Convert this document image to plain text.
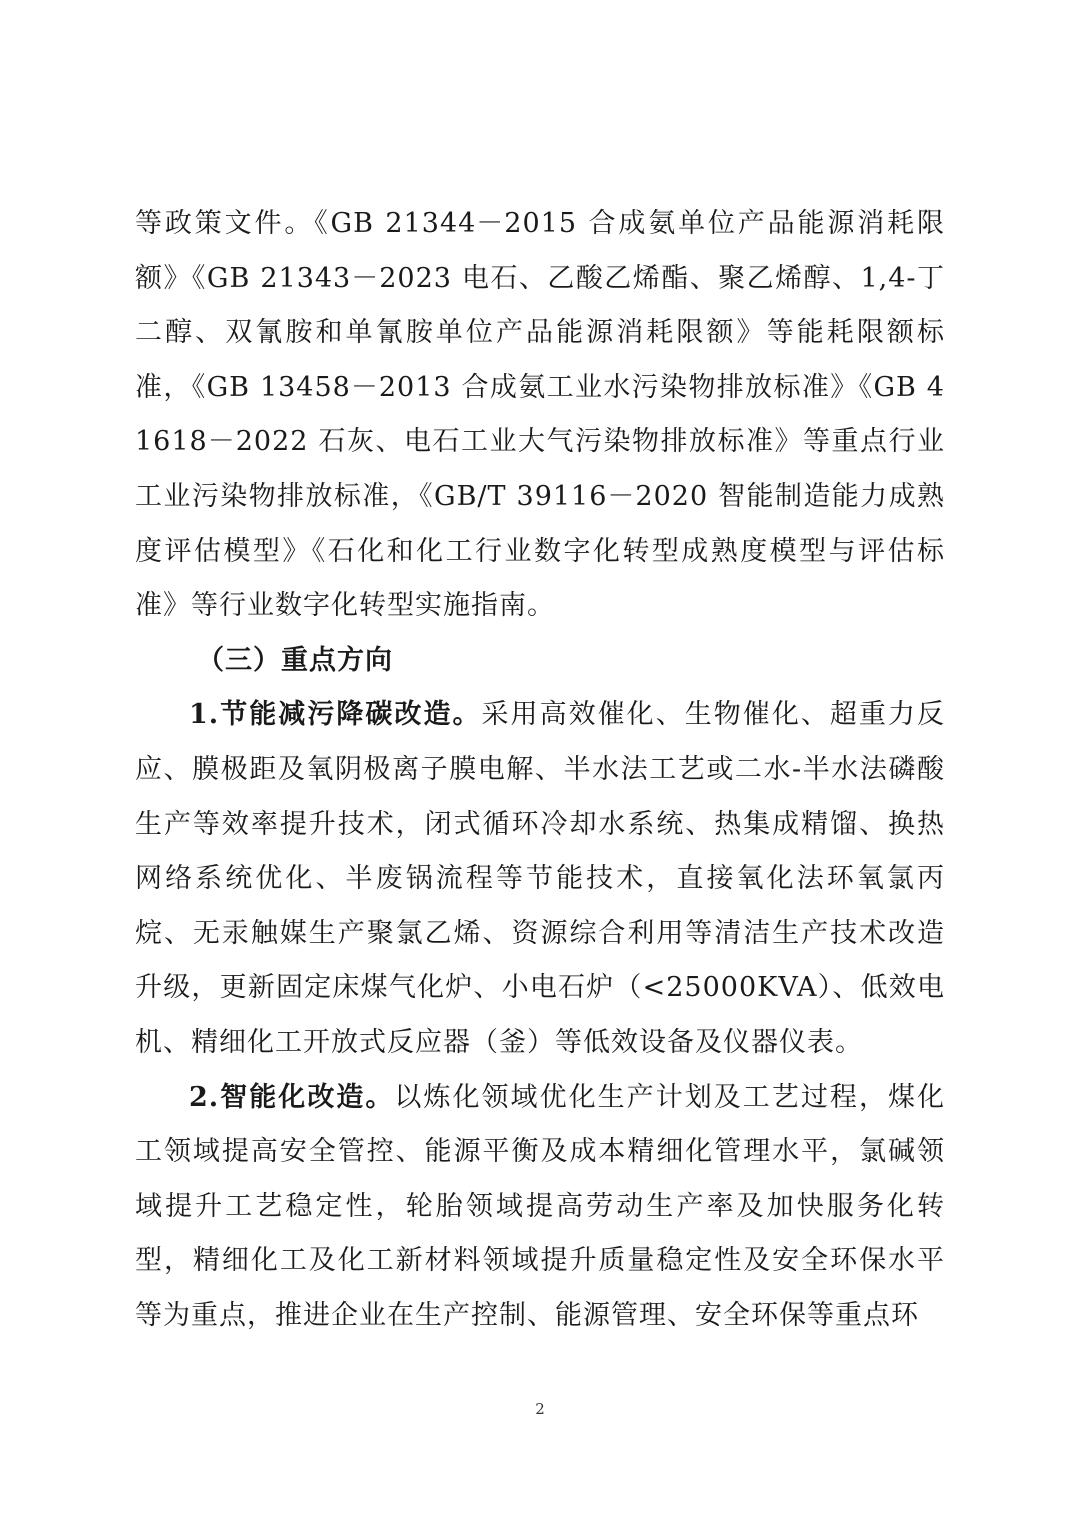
等政策文件。《GB 21344－2015 合成氨单位产品能源消耗限额》《GB 21343－2023 电石、乙酸乙烯酯、聚乙烯醇、1,4-丁二醇、双氰胺和单氰胺单位产品能源消耗限额》等能耗限额标准，《GB 13458－2013 合成氨工业水污染物排放标准》《GB 41618－2022 石灰、电石工业大气污染物排放标准》等重点行业工业污染物排放标准，《GB/T 39116－2020 智能制造能力成熟度评估模型》《石化和化工行业数字化转型成熟度模型与评估标准》等行业数字化转型实施指南。

（三）重点方向

1.节能减污降碳改造。采用高效催化、生物催化、超重力反应、膜极距及氧阴极离子膜电解、半水法工艺或二水-半水法磷酸生产等效率提升技术，闭式循环冷却水系统、热集成精馏、换热网络系统优化、半废锅流程等节能技术，直接氧化法环氧氯丙烷、无汞触媒生产聚氯乙烯、资源综合利用等清洁生产技术改造升级，更新固定床煤气化炉、小电石炉（<25000KVA）、低效电机、精细化工开放式反应器（釜）等低效设备及仪器仪表。

2.智能化改造。以炼化领域优化生产计划及工艺过程，煤化工领域提高安全管控、能源平衡及成本精细化管理水平，氯碱领域提升工艺稳定性，轮胎领域提高劳动生产率及加快服务化转型，精细化工及化工新材料领域提升质量稳定性及安全环保水平等为重点，推进企业在生产控制、能源管理、安全环保等重点环

2
